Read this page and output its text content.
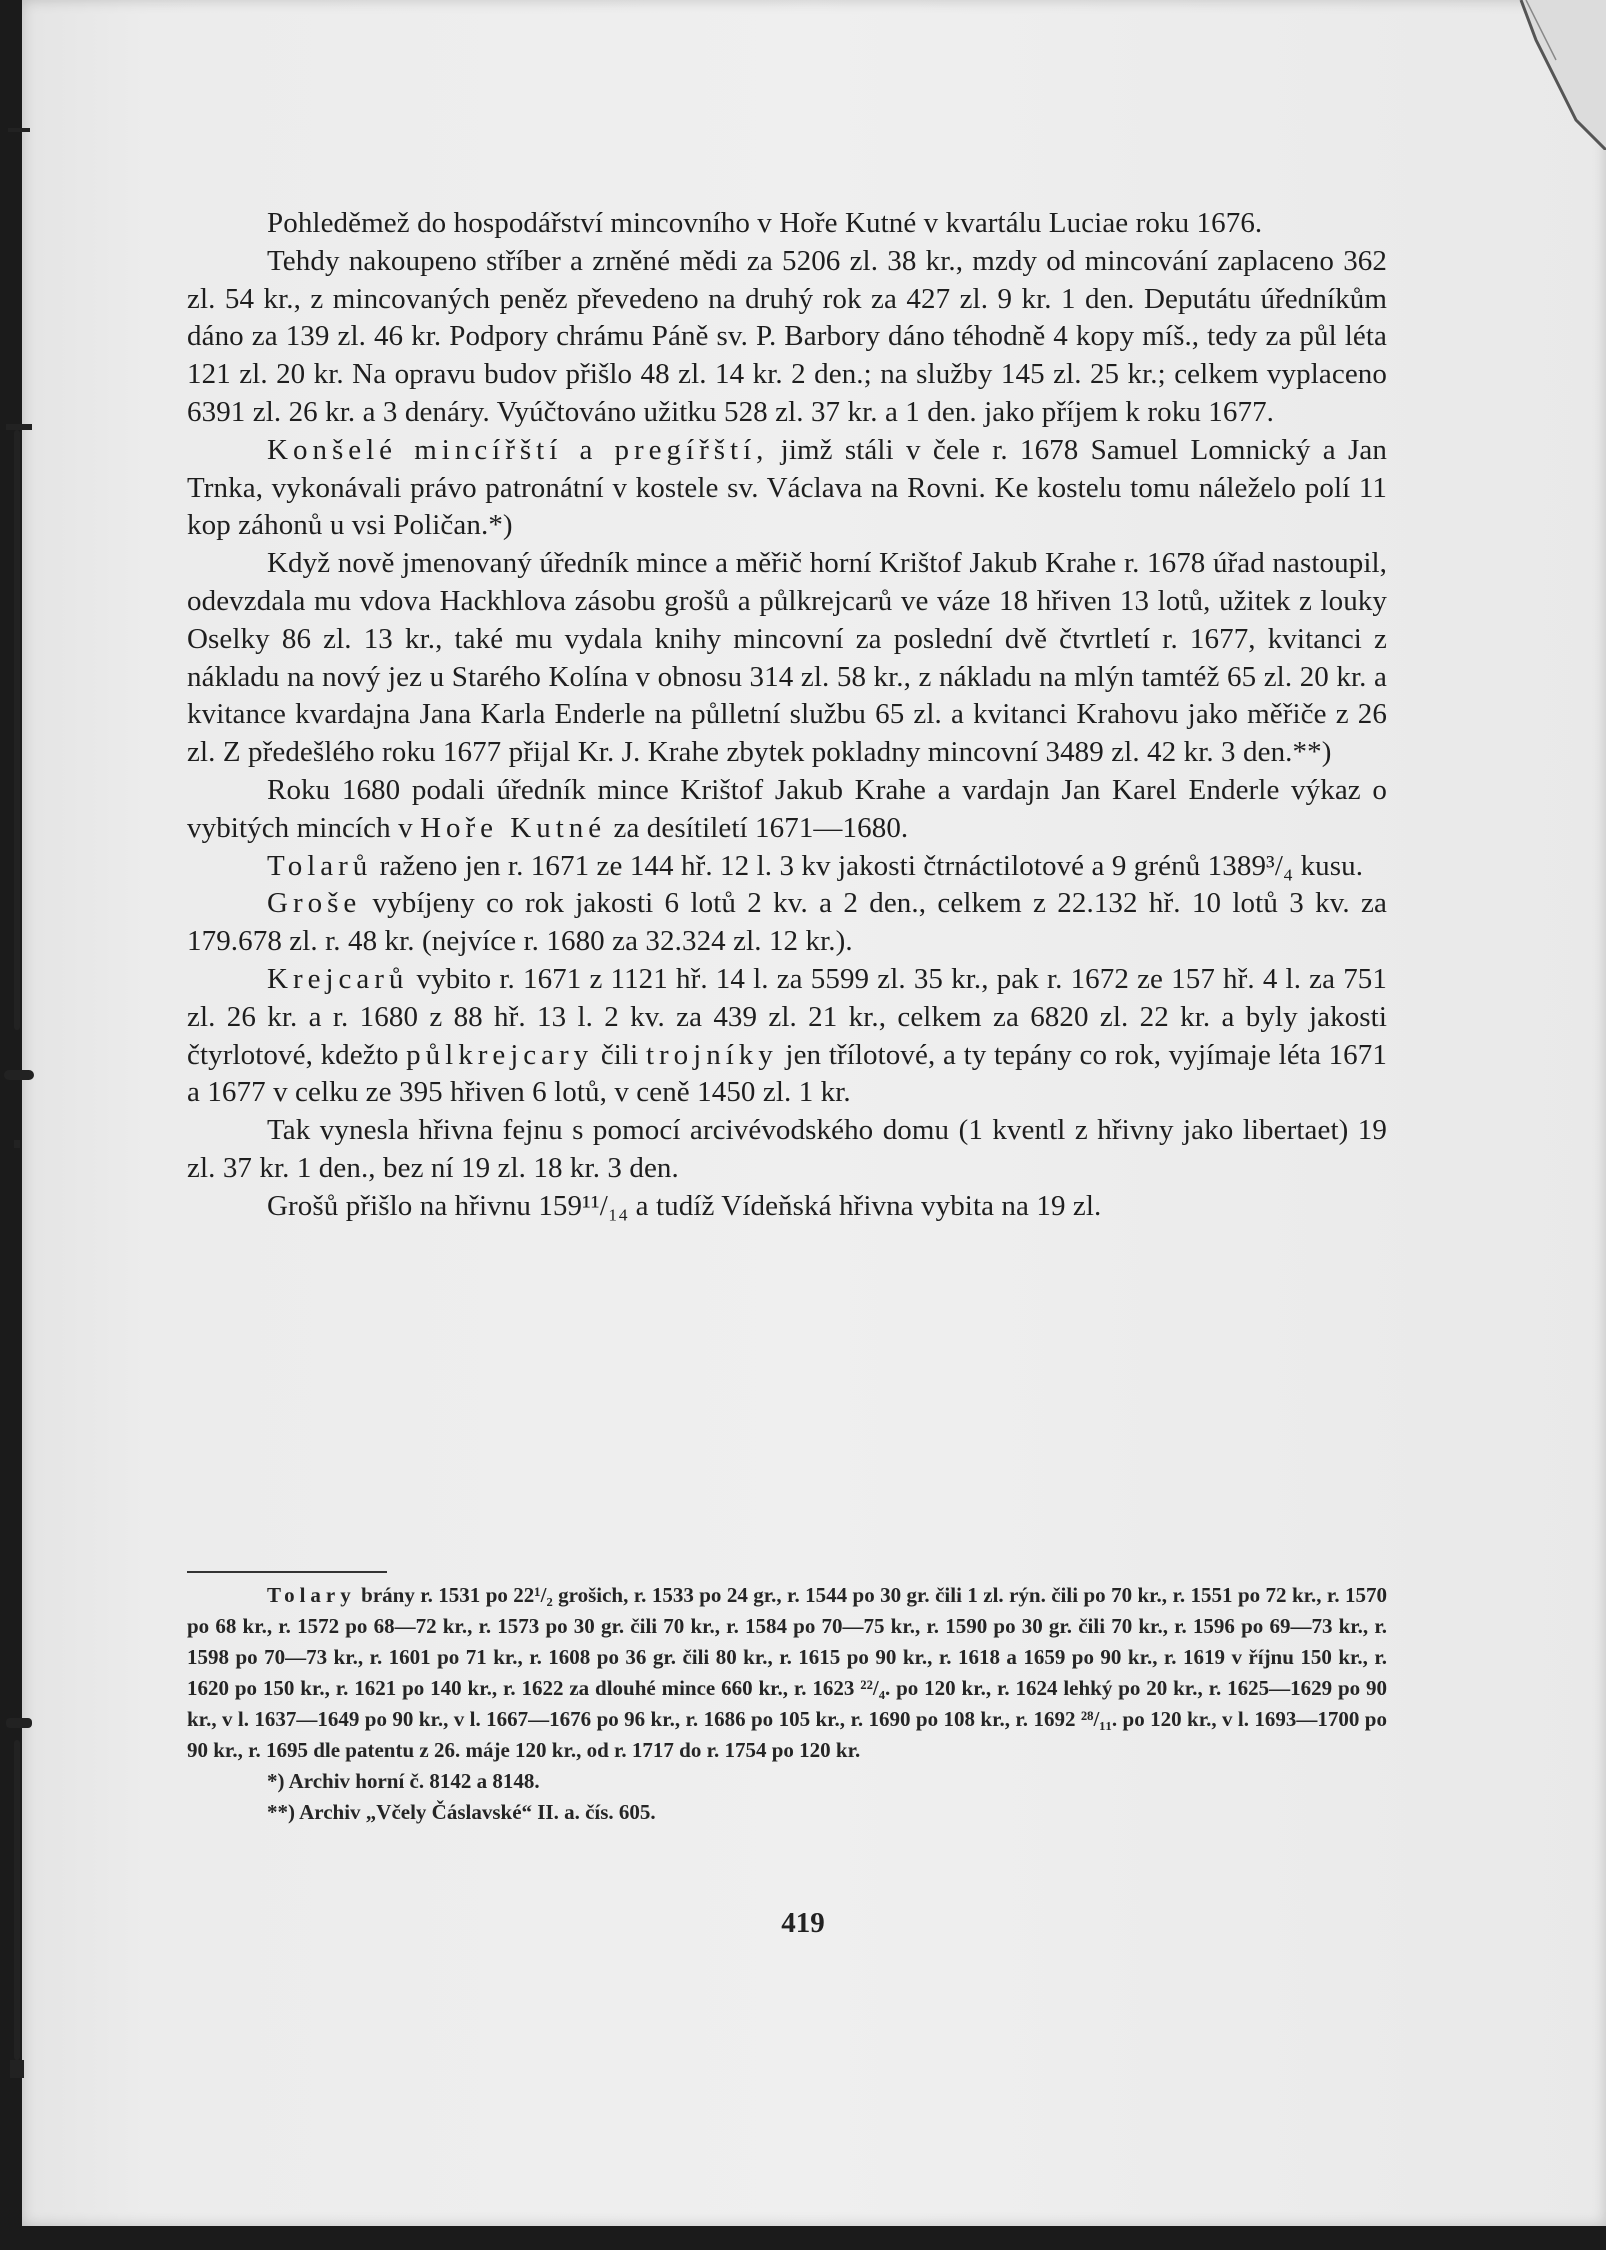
Pohleděmež do hospodářství mincovního v Hoře Kutné v kvartálu Luciae roku 1676.

Tehdy nakoupeno stříber a zrněné mědi za 5206 zl. 38 kr., mzdy od mincování zaplaceno 362 zl. 54 kr., z mincovaných peněz převedeno na druhý rok za 427 zl. 9 kr. 1 den. Deputátu úředníkům dáno za 139 zl. 46 kr. Podpory chrámu Páně sv. P. Barbory dáno téhodně 4 kopy míš., tedy za půl léta 121 zl. 20 kr. Na opravu budov přišlo 48 zl. 14 kr. 2 den.; na služby 145 zl. 25 kr.; celkem vyplaceno 6391 zl. 26 kr. a 3 denáry. Vyúčtováno užitku 528 zl. 37 kr. a 1 den. jako příjem k roku 1677.

Konšelé mincířští a pregířští, jimž stáli v čele r. 1678 Samuel Lomnický a Jan Trnka, vykonávali právo patronátní v kostele sv. Václava na Rovni. Ke kostelu tomu náleželo polí 11 kop záhonů u vsi Poličan.*)

Když nově jmenovaný úředník mince a měřič horní Krištof Jakub Krahe r. 1678 úřad nastoupil, odevzdala mu vdova Hackhlova zásobu grošů a půlkrejcarů ve váze 18 hřiven 13 lotů, užitek z louky Oselky 86 zl. 13 kr., také mu vydala knihy mincovní za poslední dvě čtvrtletí r. 1677, kvitanci z nákladu na nový jez u Starého Kolína v obnosu 314 zl. 58 kr., z nákladu na mlýn tamtéž 65 zl. 20 kr. a kvitance kvardajna Jana Karla Enderle na půlletní službu 65 zl. a kvitanci Krahovu jako měřiče z 26 zl. Z předešlého roku 1677 přijal Kr. J. Krahe zbytek pokladny mincovní 3489 zl. 42 kr. 3 den.**)

Roku 1680 podali úředník mince Krištof Jakub Krahe a vardajn Jan Karel Enderle výkaz o vybitých mincích v Hoře Kutné za desítiletí 1671—1680.

Tolarů raženo jen r. 1671 ze 144 hř. 12 l. 3 kv jakosti čtrnáctilotové a 9 grénů 1389³/₄ kusu.

Groše vybíjeny co rok jakosti 6 lotů 2 kv. a 2 den., celkem z 22.132 hř. 10 lotů 3 kv. za 179.678 zl. r. 48 kr. (nejvíce r. 1680 za 32.324 zl. 12 kr.).

Krejcarů vybito r. 1671 z 1121 hř. 14 l. za 5599 zl. 35 kr., pak r. 1672 ze 157 hř. 4 l. za 751 zl. 26 kr. a r. 1680 z 88 hř. 13 l. 2 kv. za 439 zl. 21 kr., celkem za 6820 zl. 22 kr. a byly jakosti čtyrlotové, kdežto půlkrejcary čili trojníky jen třílotové, a ty tepány co rok, vyjímaje léta 1671 a 1677 v celku ze 395 hřiven 6 lotů, v ceně 1450 zl. 1 kr.

Tak vynesla hřivna fejnu s pomocí arcivévodského domu (1 kventl z hřivny jako libertaet) 19 zl. 37 kr. 1 den., bez ní 19 zl. 18 kr. 3 den.

Grošů přišlo na hřivnu 159¹¹/₁₄ a tudíž Vídeňská hřivna vybita na 19 zl.

Tolary brány r. 1531 po 22¹/₂ grošich, r. 1533 po 24 gr., r. 1544 po 30 gr. čili 1 zl. rýn. čili po 70 kr., r. 1551 po 72 kr., r. 1570 po 68 kr., r. 1572 po 68—72 kr., r. 1573 po 30 gr. čili 70 kr., r. 1584 po 70—75 kr., r. 1590 po 30 gr. čili 70 kr., r. 1596 po 69—73 kr., r. 1598 po 70—73 kr., r. 1601 po 71 kr., r. 1608 po 36 gr. čili 80 kr., r. 1615 po 90 kr., r. 1618 a 1659 po 90 kr., r. 1619 v říjnu 150 kr., r. 1620 po 150 kr., r. 1621 po 140 kr., r. 1622 za dlouhé mince 660 kr., r. 1623 ²²/₄. po 120 kr., r. 1624 lehký po 20 kr., r. 1625—1629 po 90 kr., v l. 1637—1649 po 90 kr., v l. 1667—1676 po 96 kr., r. 1686 po 105 kr., r. 1690 po 108 kr., r. 1692 ²⁸/₁₁. po 120 kr., v l. 1693—1700 po 90 kr., r. 1695 dle patentu z 26. máje 120 kr., od r. 1717 do r. 1754 po 120 kr.

*) Archiv horní č. 8142 a 8148.

**) Archiv „Včely Čáslavské“ II. a. čís. 605.

419
